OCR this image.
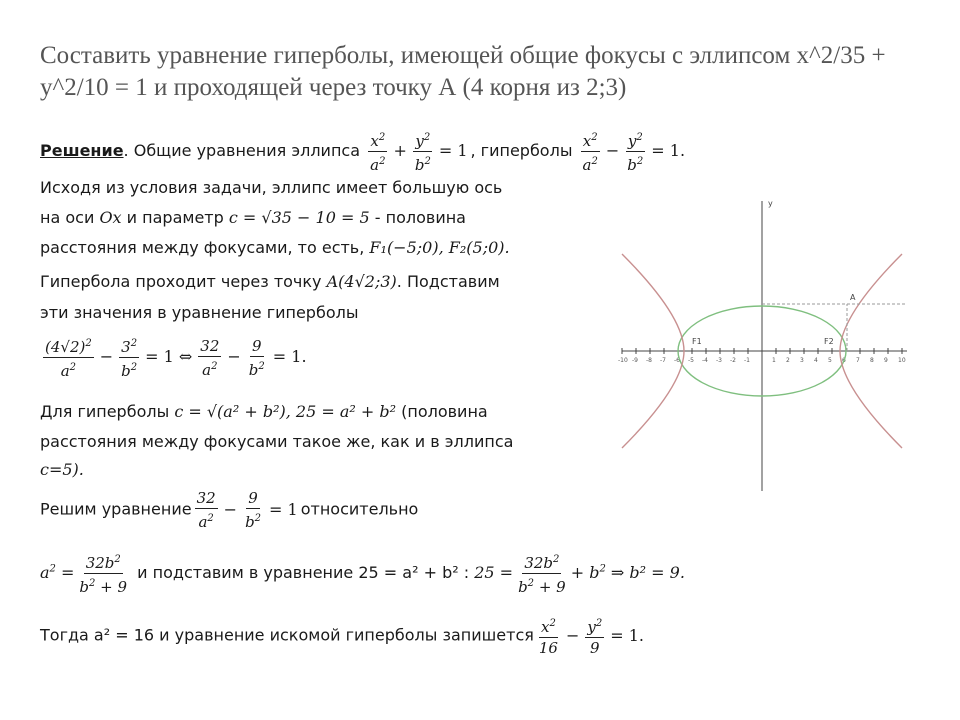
Составить уравнение гиперболы, имеющей общие фокусы с эллипсом x^2/35 + y^2/10 = 1 и проходящей через точку А (4 корня из 2;3)
Решение. Общие уравнения эллипса $\frac{x^2}{a^2} + \frac{y^2}{b^2} = 1$ , гиперболы $\frac{x^2}{a^2} - \frac{y^2}{b^2} = 1$.
Исходя из условия задачи, эллипс имеет большую ось
на оси Ox и параметр c = √35 − 10 = 5 - половина
расстояния между фокусами, то есть, F₁(−5;0), F₂(5;0).
Гипербола проходит через точку A(4√2;3). Подставим
эти значения в уравнение гиперболы
$\frac{(4√2)^2}{a^2} - \frac{3^2}{b^2} = 1$ ⇔ $\frac{32}{a^2} - \frac{9}{b^2} = 1$.
Для гиперболы c = √(a² + b²), 25 = a² + b² (половина
расстояния между фокусами такое же, как и в эллипса
c=5).
Решим уравнение $\frac{32}{a^2} - \frac{9}{b^2} = 1$ относительно
$a^2 = \frac{32b^2}{b^2 + 9}$ и подставим в уравнение 25 = a² + b² : $25 = \frac{32b^2}{b^2 + 9} + b^2$ ⇒ b² = 9.
Тогда a² = 16 и уравнение искомой гиперболы запишется $\frac{x^2}{16} - \frac{y^2}{9} = 1$.
-10 -9 -8 -7 -6 -5 -4 -3 -2 -1	1 2 3 4 5 6 7 8 9 10
y
F1	F2
A
